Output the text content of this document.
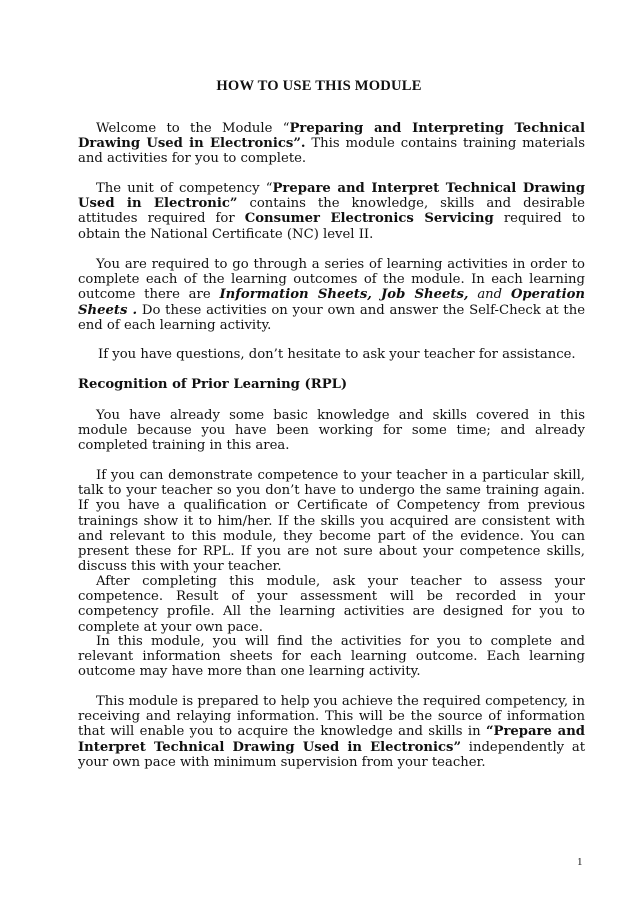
HOW TO USE THIS MODULE

Welcome to the Module “Preparing and Interpreting Technical Drawing Used in Electronics”. This module contains training materials and activities for you to complete.

The unit of competency “Prepare and Interpret Technical Drawing Used in Electronic” contains the knowledge, skills and desirable attitudes required for Consumer Electronics Servicing required to obtain the National Certificate (NC) level II.

You are required to go through a series of learning activities in order to complete each of the learning outcomes of the module. In each learning outcome there are Information Sheets, Job Sheets, and Operation Sheets . Do these activities on your own and answer the Self-Check at the end of each learning activity.

If you have questions, don’t hesitate to ask your teacher for assistance.

Recognition of Prior Learning (RPL)

You have already some basic knowledge and skills covered in this module because you have been working for some time; and already completed training in this area.

If you can demonstrate competence to your teacher in a particular skill, talk to your teacher so you don’t have to undergo the same training again. If you have a qualification or Certificate of Competency from previous trainings show it to him/her. If the skills you acquired are consistent with and relevant to this module, they become part of the evidence. You can present these for RPL. If you are not sure about your competence skills, discuss this with your teacher.

After completing this module, ask your teacher to assess your competence. Result of your assessment will be recorded in your competency profile. All the learning activities are designed for you to complete at your own pace.

In this module, you will find the activities for you to complete and relevant information sheets for each learning outcome. Each learning outcome may have more than one learning activity.

This module is prepared to help you achieve the required competency, in receiving and relaying information. This will be the source of information that will enable you to acquire the knowledge and skills in “Prepare and Interpret Technical Drawing Used in Electronics” independently at your own pace with minimum supervision from your teacher.

1
